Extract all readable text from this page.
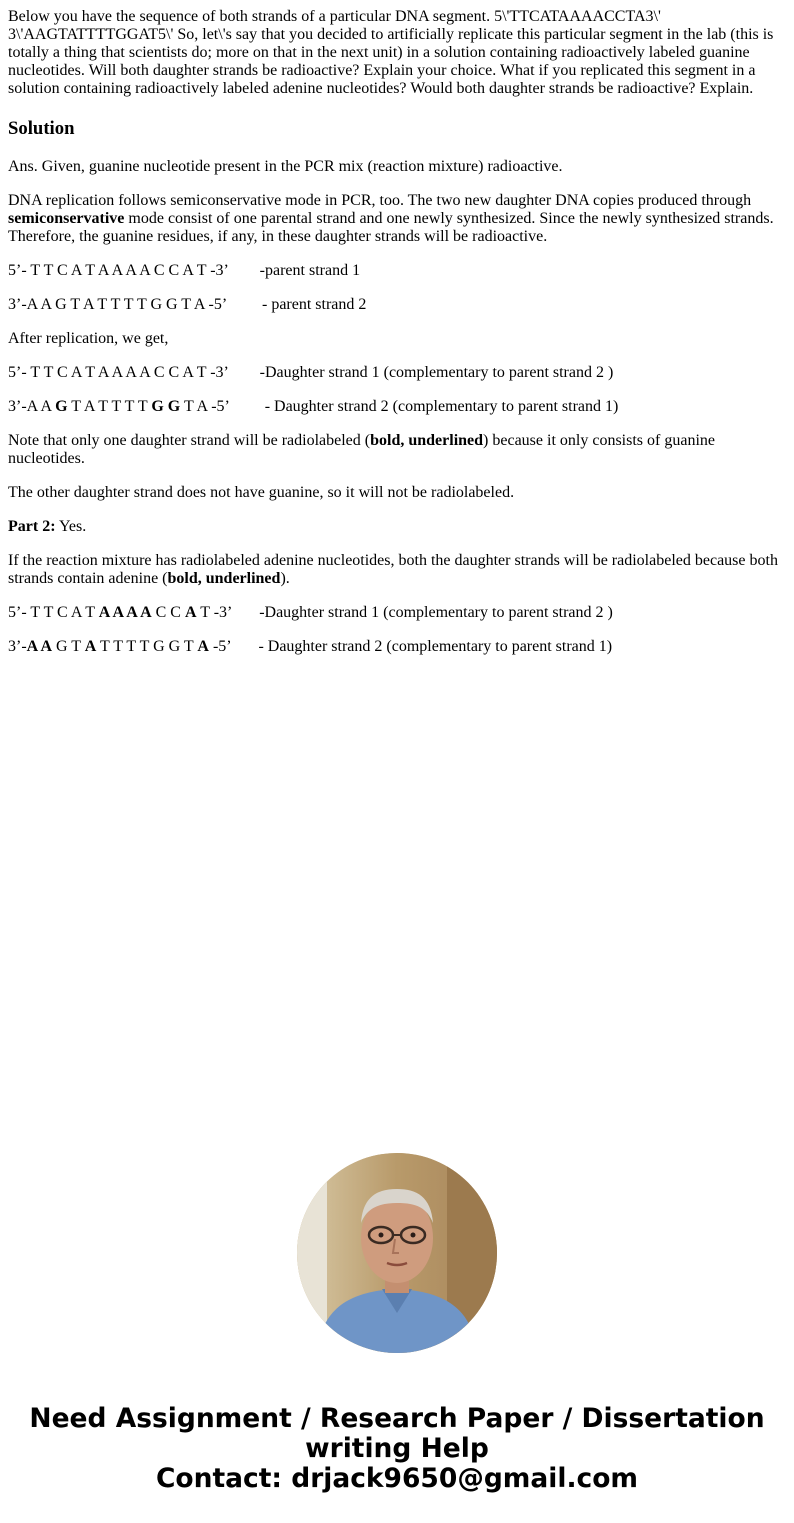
Below you have the sequence of both strands of a particular DNA segment. 5\'TTCATAAAACCTA3\' 3\'AAGTATTTTGGAT5\' So, let\'s say that you decided to artificially replicate this particular segment in the lab (this is totally a thing that scientists do; more on that in the next unit) in a solution containing radioactively labeled guanine nucleotides. Will both daughter strands be radioactive? Explain your choice. What if you replicated this segment in a solution containing radioactively labeled adenine nucleotides? Would both daughter strands be radioactive? Explain.

Solution

Ans. Given, guanine nucleotide present in the PCR mix (reaction mixture) radioactive.

DNA replication follows semiconservative mode in PCR, too. The two new daughter DNA copies produced through semiconservative mode consist of one parental strand and one newly synthesized. Since the newly synthesized strands. Therefore, the guanine residues, if any, in these daughter strands will be radioactive.

5’- T T C A T A A A A C C A T -3’        -parent strand 1

3’-A A G T A T T T T G G T A -5’         - parent strand 2

After replication, we get,

5’- T T C A T A A A A C C A T -3’        -Daughter strand 1 (complementary to parent strand 2 )

3’-A A G T A T T T T G G T A -5’         - Daughter strand 2 (complementary to parent strand 1)

Note that only one daughter strand will be radiolabeled (bold, underlined) because it only consists of guanine nucleotides.

The other daughter strand does not have guanine, so it will not be radiolabeled.

Part 2: Yes.

If the reaction mixture has radiolabeled adenine nucleotides, both the daughter strands will be radiolabeled because both strands contain adenine (bold, underlined).

5’- T T C A T A A A A C C A T -3’       -Daughter strand 1 (complementary to parent strand 2 )

3’-A A G T A T T T T G G T A -5’       - Daughter strand 2 (complementary to parent strand 1)

Need Assignment / Research Paper / Dissertation
writing Help
Contact: drjack9650@gmail.com
